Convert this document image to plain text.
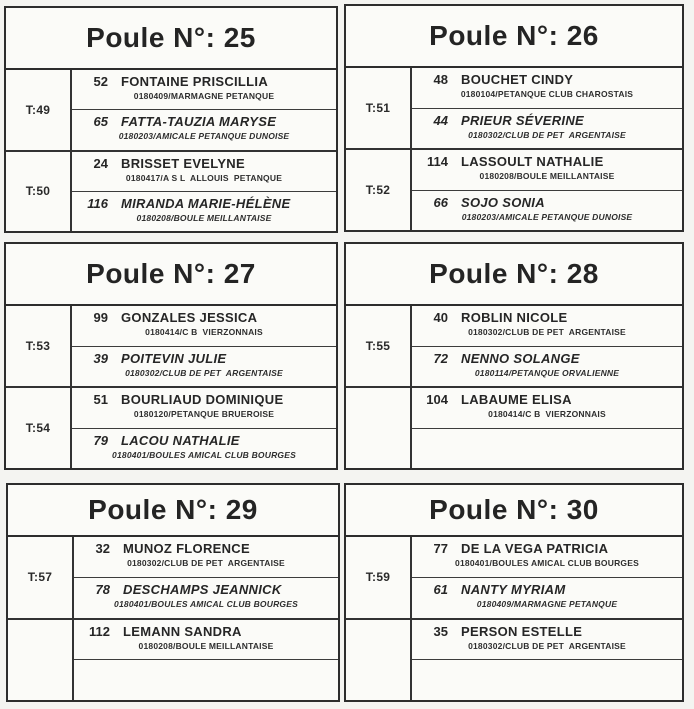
Poule N°: 25
T:49
52 FONTAINE PRISCILLIA
0180409/MARMAGNE PETANQUE
65 FATTA-TAUZIA MARYSE
0180203/AMICALE PETANQUE DUNOISE
T:50
24 BRISSET EVELYNE
0180417/A S L  ALLOUIS  PETANQUE
116 MIRANDA MARIE-HÉLÈNE
0180208/BOULE MEILLANTAISE
Poule N°: 26
T:51
48 BOUCHET CINDY
0180104/PETANQUE CLUB CHAROSTAIS
44 PRIEUR SÉVERINE
0180302/CLUB DE PET  ARGENTAISE
T:52
114 LASSOULT NATHALIE
0180208/BOULE MEILLANTAISE
66 SOJO SONIA
0180203/AMICALE PETANQUE DUNOISE
Poule N°: 27
T:53
99 GONZALES JESSICA
0180414/C B  VIERZONNAIS
39 POITEVIN JULIE
0180302/CLUB DE PET  ARGENTAISE
T:54
51 BOURLIAUD DOMINIQUE
0180120/PETANQUE BRUEROISE
79 LACOU NATHALIE
0180401/BOULES AMICAL CLUB BOURGES
Poule N°: 28
T:55
40 ROBLIN NICOLE
0180302/CLUB DE PET  ARGENTAISE
72 NENNO SOLANGE
0180114/PETANQUE ORVALIENNE
104 LABAUME ELISA
0180414/C B  VIERZONNAIS
Poule N°: 29
T:57
32 MUNOZ FLORENCE
0180302/CLUB DE PET  ARGENTAISE
78 DESCHAMPS JEANNICK
0180401/BOULES AMICAL CLUB BOURGES
112 LEMANN SANDRA
0180208/BOULE MEILLANTAISE
Poule N°: 30
T:59
77 DE LA VEGA PATRICIA
0180401/BOULES AMICAL CLUB BOURGES
61 NANTY MYRIAM
0180409/MARMAGNE PETANQUE
35 PERSON ESTELLE
0180302/CLUB DE PET  ARGENTAISE
